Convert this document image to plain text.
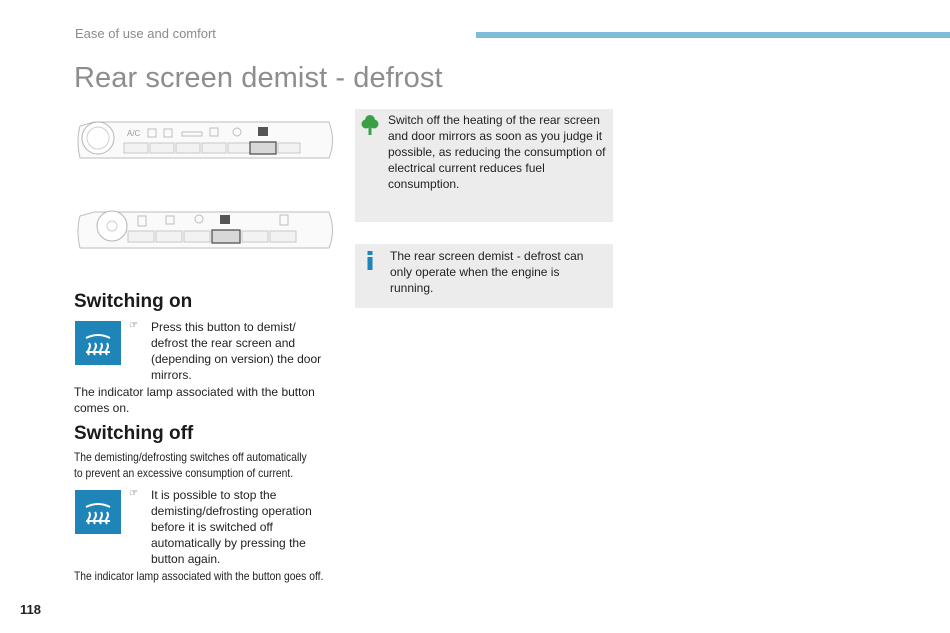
Ease of use and comfort
Rear screen demist - defrost
A/C
Switching on
☞	Press this button to demist/ defrost the rear screen and (depending on version) the door mirrors.
The indicator lamp associated with the button comes on.
Switching off
The demisting/defrosting switches off automatically
to prevent an excessive consumption of current.
☞	It is possible to stop the demisting/defrosting operation before it is switched off automatically by pressing the button again.
The indicator lamp associated with the button goes off.
Switch off the heating of the rear screen and door mirrors as soon as you judge it possible, as reducing the consumption of electrical current reduces fuel consumption.
The rear screen demist - defrost can only operate when the engine is running.
118
